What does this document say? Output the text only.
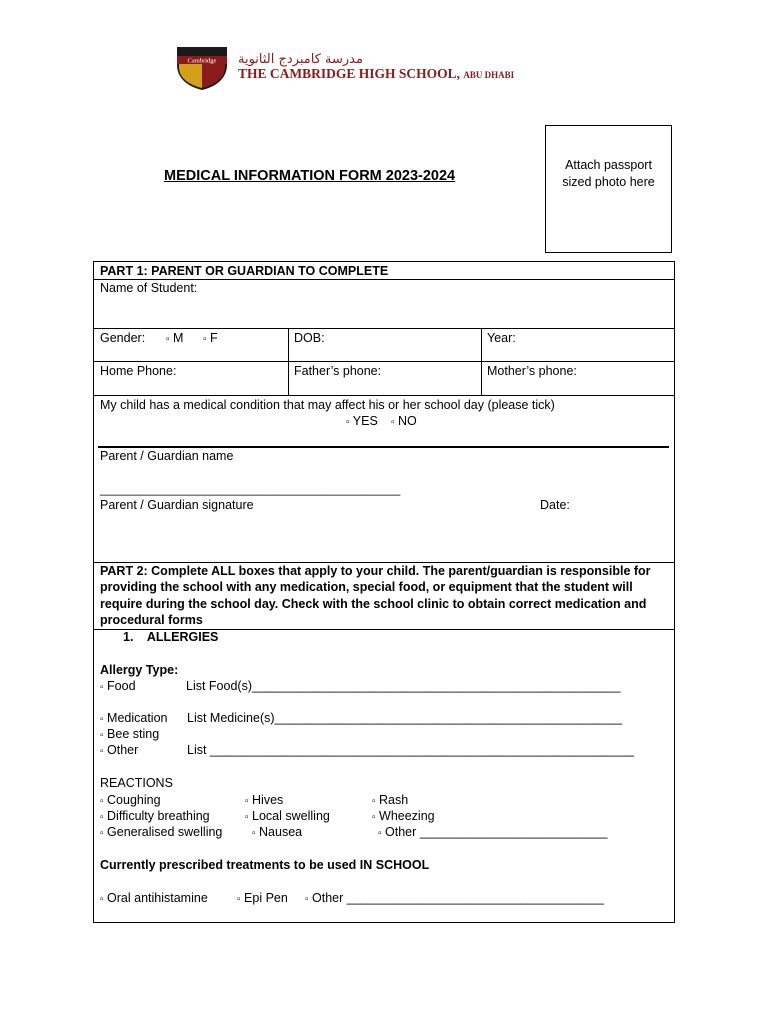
Cambridge مدرسة كامبردج الثانوية
THE CAMBRIDGE HIGH SCHOOL, ABU DHABI
MEDICAL INFORMATION FORM 2023-2024
Attach passport
sized photo here
PART 1: PARENT OR GUARDIAN TO COMPLETE
Name of Student:
Gender: ▫ M ▫ F	DOB:	Year:
Home Phone:	Father’s phone:	Mother’s phone:
My child has a medical condition that may affect his or her school day (please tick)
▫ YES ▫ NO
Parent / Guardian name
_____________________________________________
Parent / Guardian signature	Date:
PART 2: Complete ALL boxes that apply to your child. The parent/guardian is responsible for
providing the school with any medication, special food, or equipment that the student will
require during the school day. Check with the school clinic to obtain correct medication and
procedural forms
1.    ALLERGIES
Allergy Type:
▫ Food	List Food(s)_____________________________________________________
▫ Medication List Medicine(s)__________________________________________________
▫ Bee sting
▫ Other	List _____________________________________________________________
REACTIONS
▫ Coughing	▫ Hives	▫ Rash
▫ Difficulty breathing	▫ Local swelling	▫ Wheezing
▫ Generalised swelling	▫ Nausea	▫ Other ___________________________
Currently prescribed treatments to be used IN SCHOOL
▫ Oral antihistamine	▫ Epi Pen ▫ Other _____________________________________
